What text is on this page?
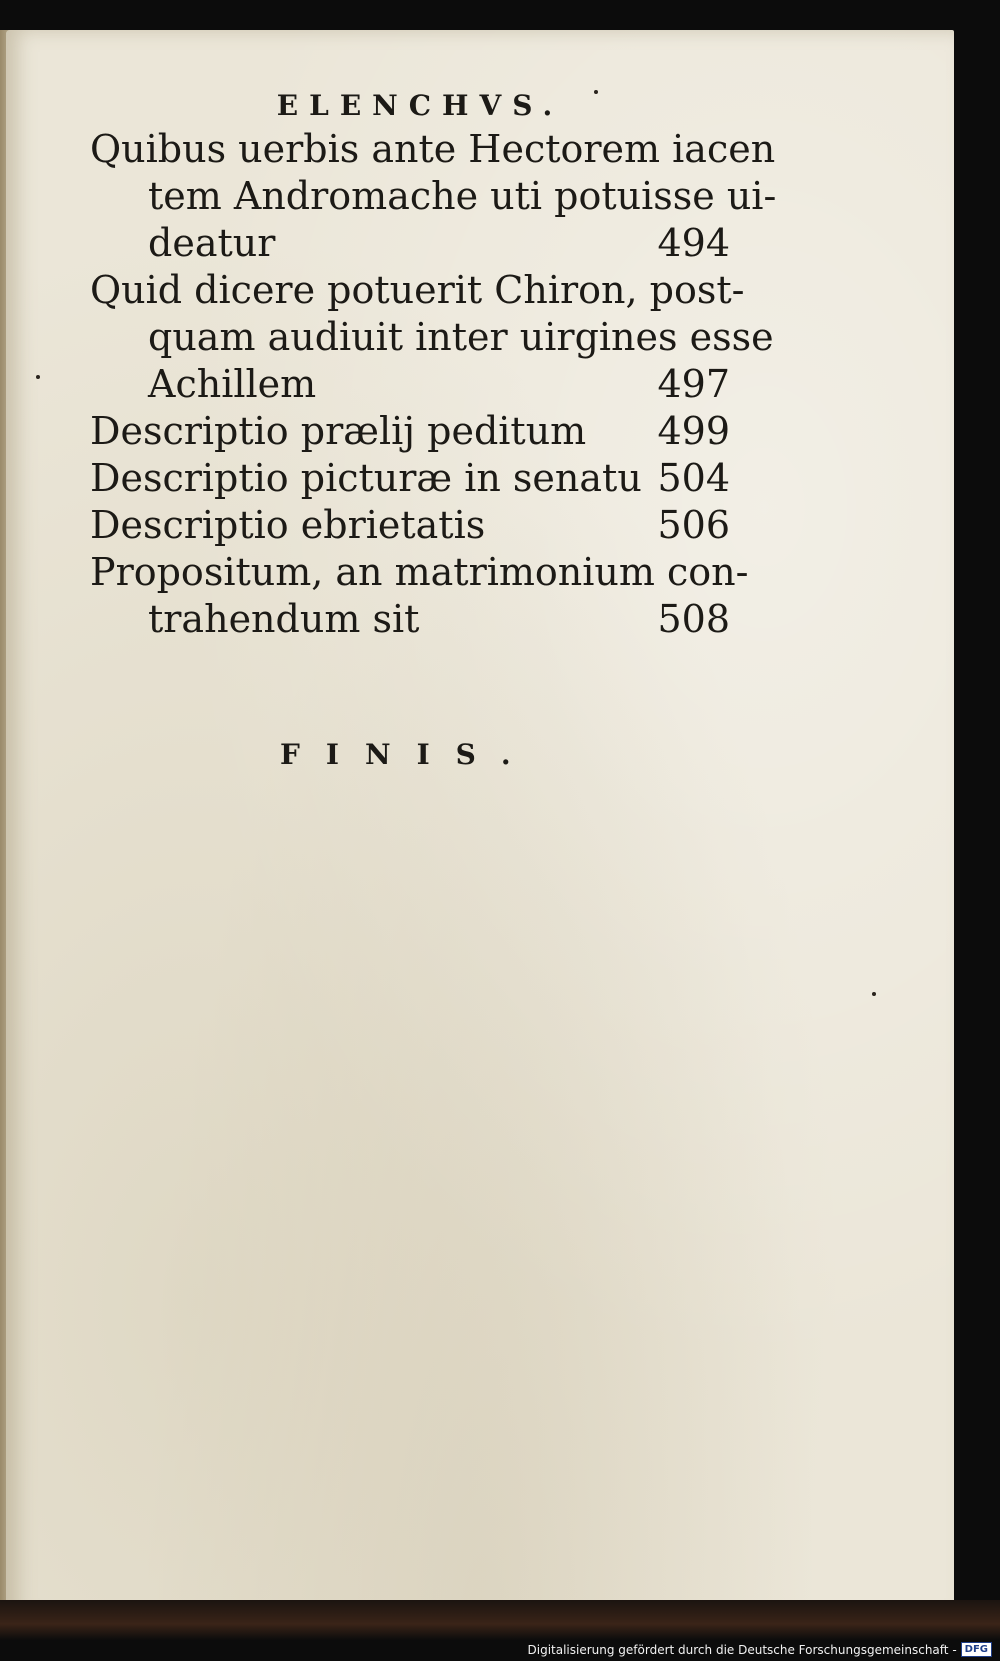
ELENCHVS.
Quibus uerbis ante Hectorem iacen
tem Andromache uti potuisse ui-
deatur	494
Quid dicere potuerit Chiron, post-
quam audiuit inter uirgines esse
Achillem	497
Descriptio prælij peditum	499
Descriptio picturæ in senatu 504
Descriptio ebrietatis	506
Propositum, an matrimonium con-
trahendum sit	508
FINIS.
Digitalisierung gefördert durch die Deutsche Forschungsgemeinschaft - DFG
